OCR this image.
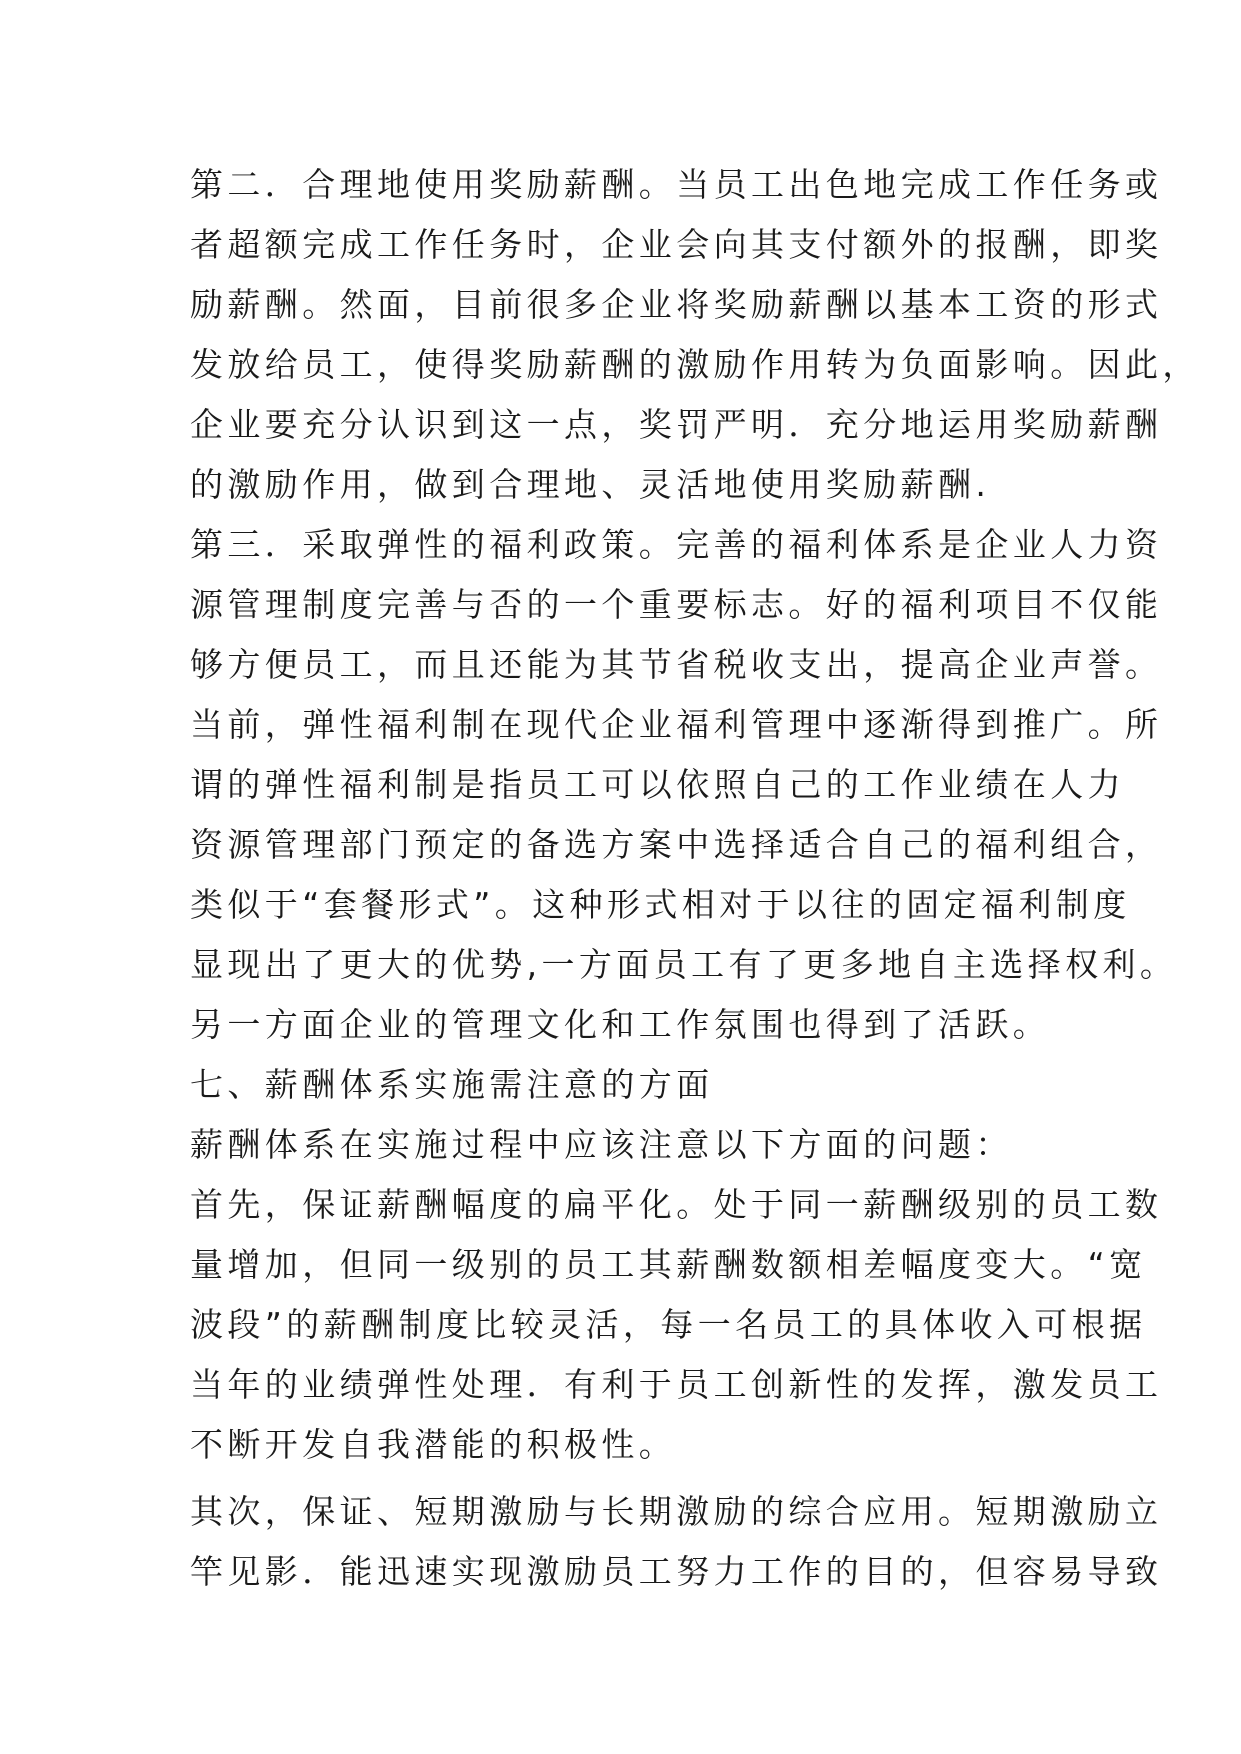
第二．合理地使用奖励薪酬。当员工出色地完成工作任务或
者超额完成工作任务时，企业会向其支付额外的报酬，即奖
励薪酬。然面，目前很多企业将奖励薪酬以基本工资的形式
发放给员工，使得奖励薪酬的激励作用转为负面影响。因此，
企业要充分认识到这一点，奖罚严明．充分地运用奖励薪酬
的激励作用，做到合理地、灵活地使用奖励薪酬.
第三．采取弹性的福利政策。完善的福利体系是企业人力资
源管理制度完善与否的一个重要标志。好的福利项目不仅能
够方便员工，而且还能为其节省税收支出，提高企业声誉。
当前，弹性福利制在现代企业福利管理中逐渐得到推广。所
谓的弹性福利制是指员工可以依照自己的工作业绩在人力
资源管理部门预定的备选方案中选择适合自己的福利组合，
类似于“套餐形式”。这种形式相对于以往的固定福利制度
显现出了更大的优势,一方面员工有了更多地自主选择权利。
另一方面企业的管理文化和工作氛围也得到了活跃。
七、薪酬体系实施需注意的方面
薪酬体系在实施过程中应该注意以下方面的问题：
首先，保证薪酬幅度的扁平化。处于同一薪酬级别的员工数
量增加，但同一级别的员工其薪酬数额相差幅度变大。“宽
波段”的薪酬制度比较灵活，每一名员工的具体收入可根据
当年的业绩弹性处理．有利于员工创新性的发挥，激发员工
不断开发自我潜能的积极性。
其次，保证、短期激励与长期激励的综合应用。短期激励立
竿见影．能迅速实现激励员工努力工作的目的，但容易导致
